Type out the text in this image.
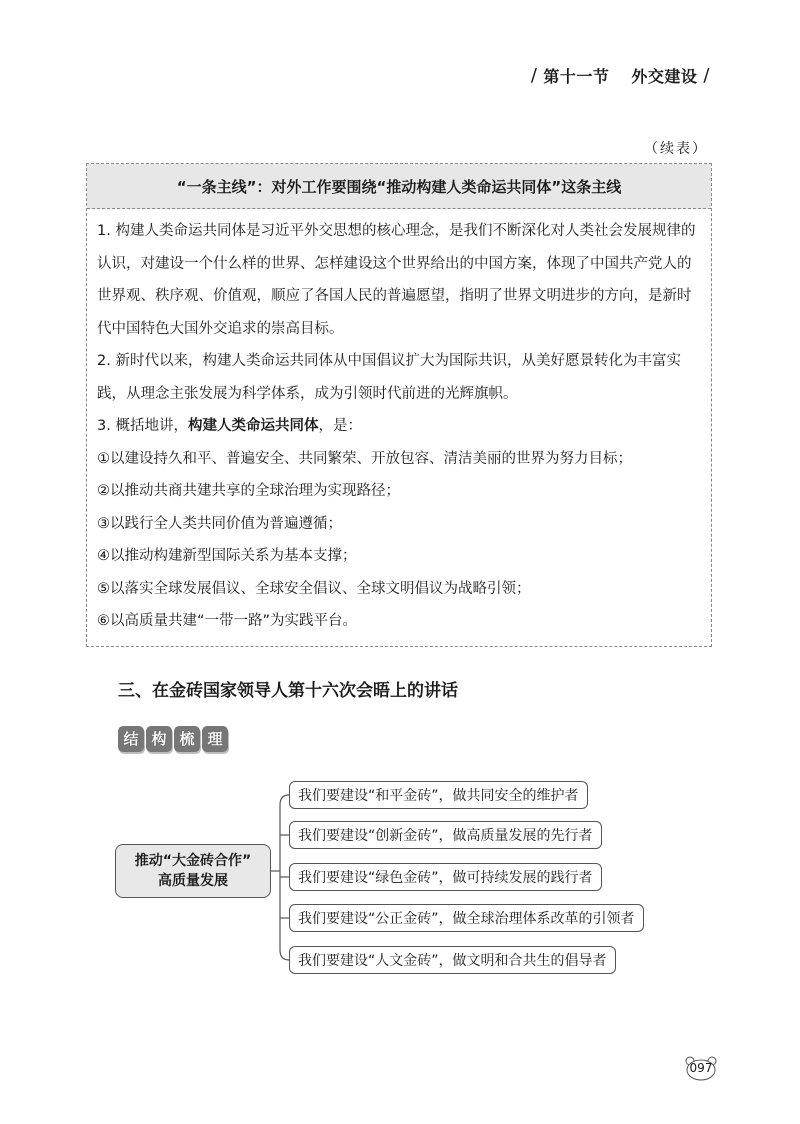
/ 第十一节 外交建设 /
（续表）
“一条主线”：对外工作要围绕“推动构建人类命运共同体”这条主线

1. 构建人类命运共同体是习近平外交思想的核心理念，是我们不断深化对人类社会发展规律的认识，对建设一个什么样的世界、怎样建设这个世界给出的中国方案，体现了中国共产党人的世界观、秩序观、价值观，顺应了各国人民的普遍愿望，指明了世界文明进步的方向，是新时代中国特色大国外交追求的崇高目标。

2. 新时代以来，构建人类命运共同体从中国倡议扩大为国际共识，从美好愿景转化为丰富实践，从理念主张发展为科学体系，成为引领时代前进的光辉旗帜。

3. 概括地讲，构建人类命运共同体，是：

①以建设持久和平、普遍安全、共同繁荣、开放包容、清洁美丽的世界为努力目标；

②以推动共商共建共享的全球治理为实现路径；

③以践行全人类共同价值为普遍遵循；

④以推动构建新型国际关系为基本支撑；

⑤以落实全球发展倡议、全球安全倡议、全球文明倡议为战略引领；

⑥以高质量共建“一带一路”为实践平台。

三、在金砖国家领导人第十六次会晤上的讲话
结 构 梳 理
推动“大金砖合作”
高质量发展
我们要建设“和平金砖”，做共同安全的维护者
我们要建设“创新金砖”，做高质量发展的先行者
我们要建设“绿色金砖”，做可持续发展的践行者
我们要建设“公正金砖”，做全球治理体系改革的引领者
我们要建设“人文金砖”，做文明和合共生的倡导者
097
